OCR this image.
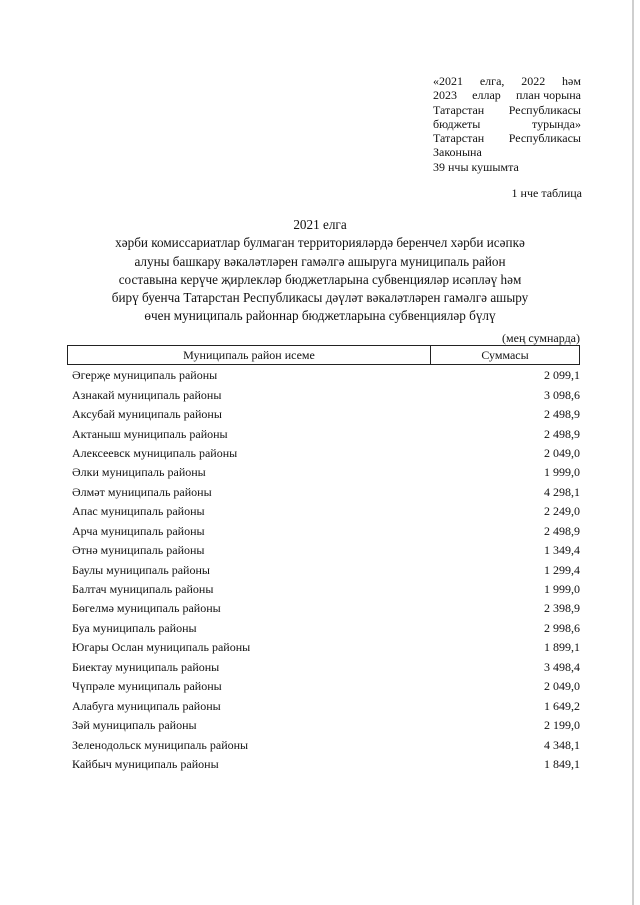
«2021 елга, 2022 һәм
2023 еллар план чорына
Татарстан Республикасы
бюджеты	турында»
Татарстан Республикасы
Законына
39 нчы кушымта
1 нче таблица
2021 елга
хәрби комиссариатлар булмаган территорияләрдә беренчел хәрби исәпкә
алуны башкару вәкаләтләрен гамәлгә ашыруга муниципаль район
составына керүче җирлекләр бюджетларына субвенцияләр исәплəү һәм
бирү буенча Татарстан Республикасы дәүләт вәкаләтләрен гамәлгә ашыру
өчен муниципаль районнар бюджетларына субвенцияләр бүлү
(мең сумнарда)
Муниципаль район исеме	Суммасы
Әгерҗе муниципаль районы	2 099,1
Азнакай муниципаль районы	3 098,6
Аксубай муниципаль районы	2 498,9
Актаныш муниципаль районы	2 498,9
Алексеевск муниципаль районы	2 049,0
Әлки муниципаль районы	1 999,0
Әлмәт муниципаль районы	4 298,1
Апас муниципаль районы	2 249,0
Арча муниципаль районы	2 498,9
Әтнә муниципаль районы	1 349,4
Баулы муниципаль районы	1 299,4
Балтач муниципаль районы	1 999,0
Бөгелмә муниципаль районы	2 398,9
Буа муниципаль районы	2 998,6
Югары Ослан муниципаль районы	1 899,1
Биектау муниципаль районы	3 498,4
Чүпрәле муниципаль районы	2 049,0
Алабуга муниципаль районы	1 649,2
Зәй муниципаль районы	2 199,0
Зеленодольск муниципаль районы	4 348,1
Кайбыч муниципаль районы	1 849,1
